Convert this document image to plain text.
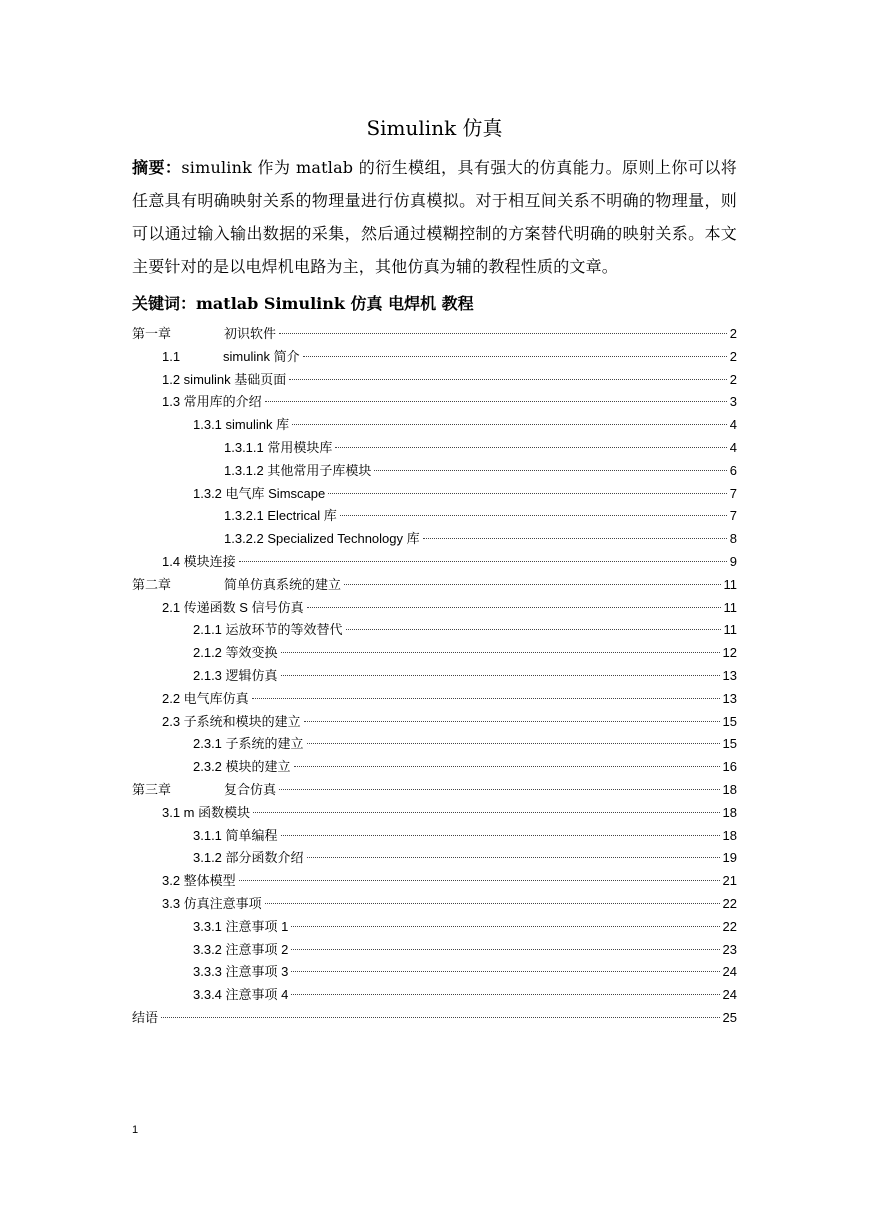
Simulink 仿真
摘要：simulink 作为 matlab 的衍生模组，具有强大的仿真能力。原则上你可以将任意具有明确映射关系的物理量进行仿真模拟。对于相互间关系不明确的物理量，则可以通过输入输出数据的采集，然后通过模糊控制的方案替代明确的映射关系。本文主要针对的是以电焊机电路为主，其他仿真为辅的教程性质的文章。
关键词：matlab Simulink 仿真 电焊机 教程
第一章	初识软件	2
1.1	simulink 简介	2
1.2 simulink 基础页面	2
1.3 常用库的介绍	3
1.3.1 simulink 库	4
1.3.1.1 常用模块库	4
1.3.1.2 其他常用子库模块	6
1.3.2 电气库 Simscape	7
1.3.2.1 Electrical 库	7
1.3.2.2 Specialized Technology 库	8
1.4 模块连接	9
第二章	简单仿真系统的建立	11
2.1 传递函数 S 信号仿真	11
2.1.1 运放环节的等效替代	11
2.1.2 等效变换	12
2.1.3 逻辑仿真	13
2.2 电气库仿真	13
2.3 子系统和模块的建立	15
2.3.1 子系统的建立	15
2.3.2 模块的建立	16
第三章	复合仿真	18
3.1 m 函数模块	18
3.1.1 简单编程	18
3.1.2 部分函数介绍	19
3.2 整体模型	21
3.3 仿真注意事项	22
3.3.1 注意事项 1	22
3.3.2 注意事项 2	23
3.3.3 注意事项 3	24
3.3.4 注意事项 4	24
结语	25
1
